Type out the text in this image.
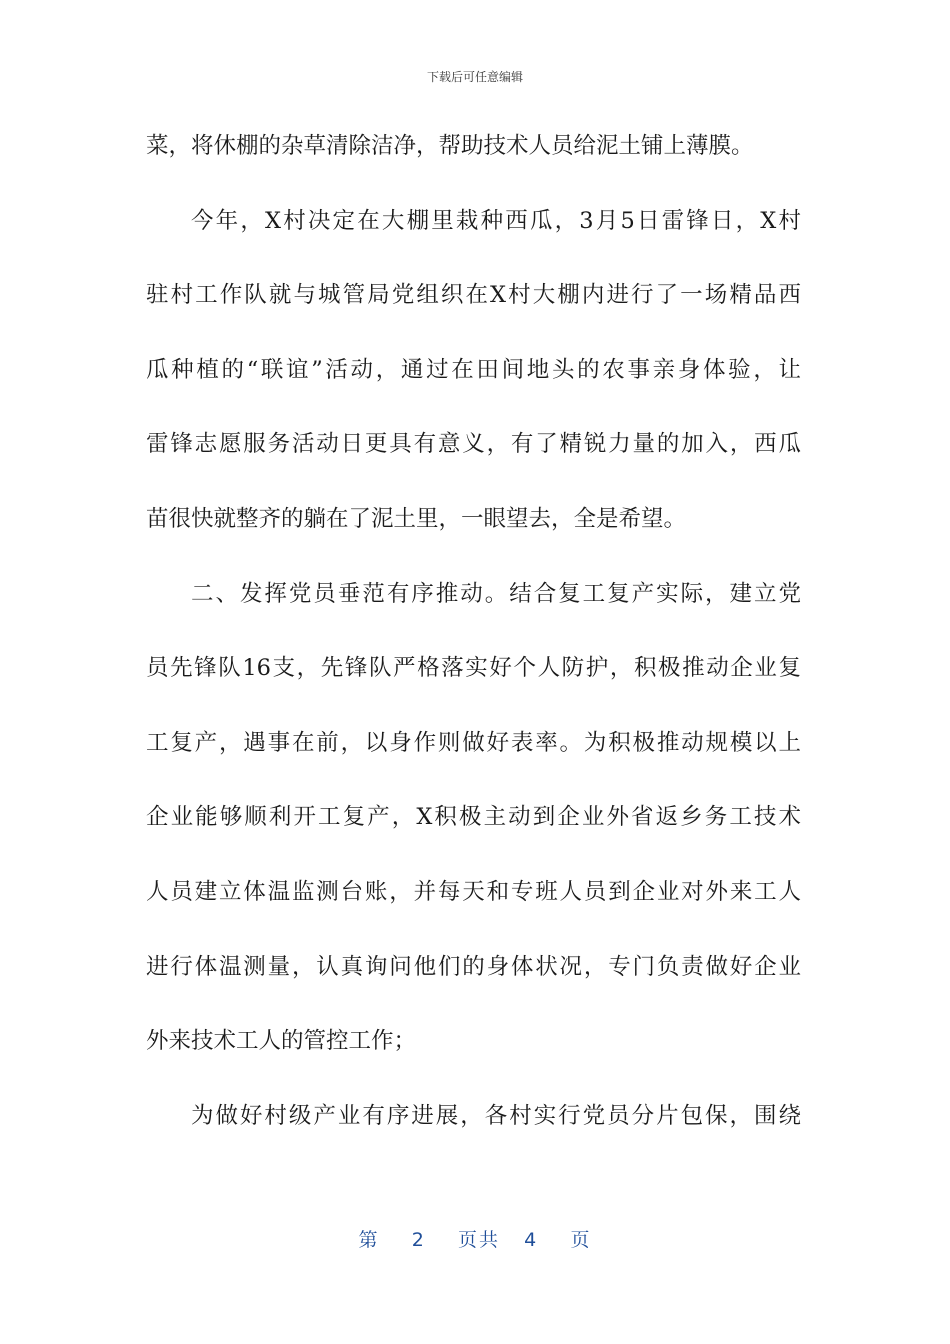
下载后可任意编辑
菜，将休棚的杂草清除洁净，帮助技术人员给泥土铺上薄膜。
今年，X村决定在大棚里栽种西瓜，3月5日雷锋日，X村
驻村工作队就与城管局党组织在X村大棚内进行了一场精品西
瓜种植的“联谊”活动，通过在田间地头的农事亲身体验，让
雷锋志愿服务活动日更具有意义，有了精锐力量的加入，西瓜
苗很快就整齐的躺在了泥土里，一眼望去，全是希望。
二、发挥党员垂范有序推动。结合复工复产实际，建立党
员先锋队16支，先锋队严格落实好个人防护，积极推动企业复
工复产，遇事在前，以身作则做好表率。为积极推动规模以上
企业能够顺利开工复产，X积极主动到企业外省返乡务工技术
人员建立体温监测台账，并每天和专班人员到企业对外来工人
进行体温测量，认真询问他们的身体状况，专门负责做好企业
外来技术工人的管控工作；
为做好村级产业有序进展，各村实行党员分片包保，围绕
第 2 页共 4 页
